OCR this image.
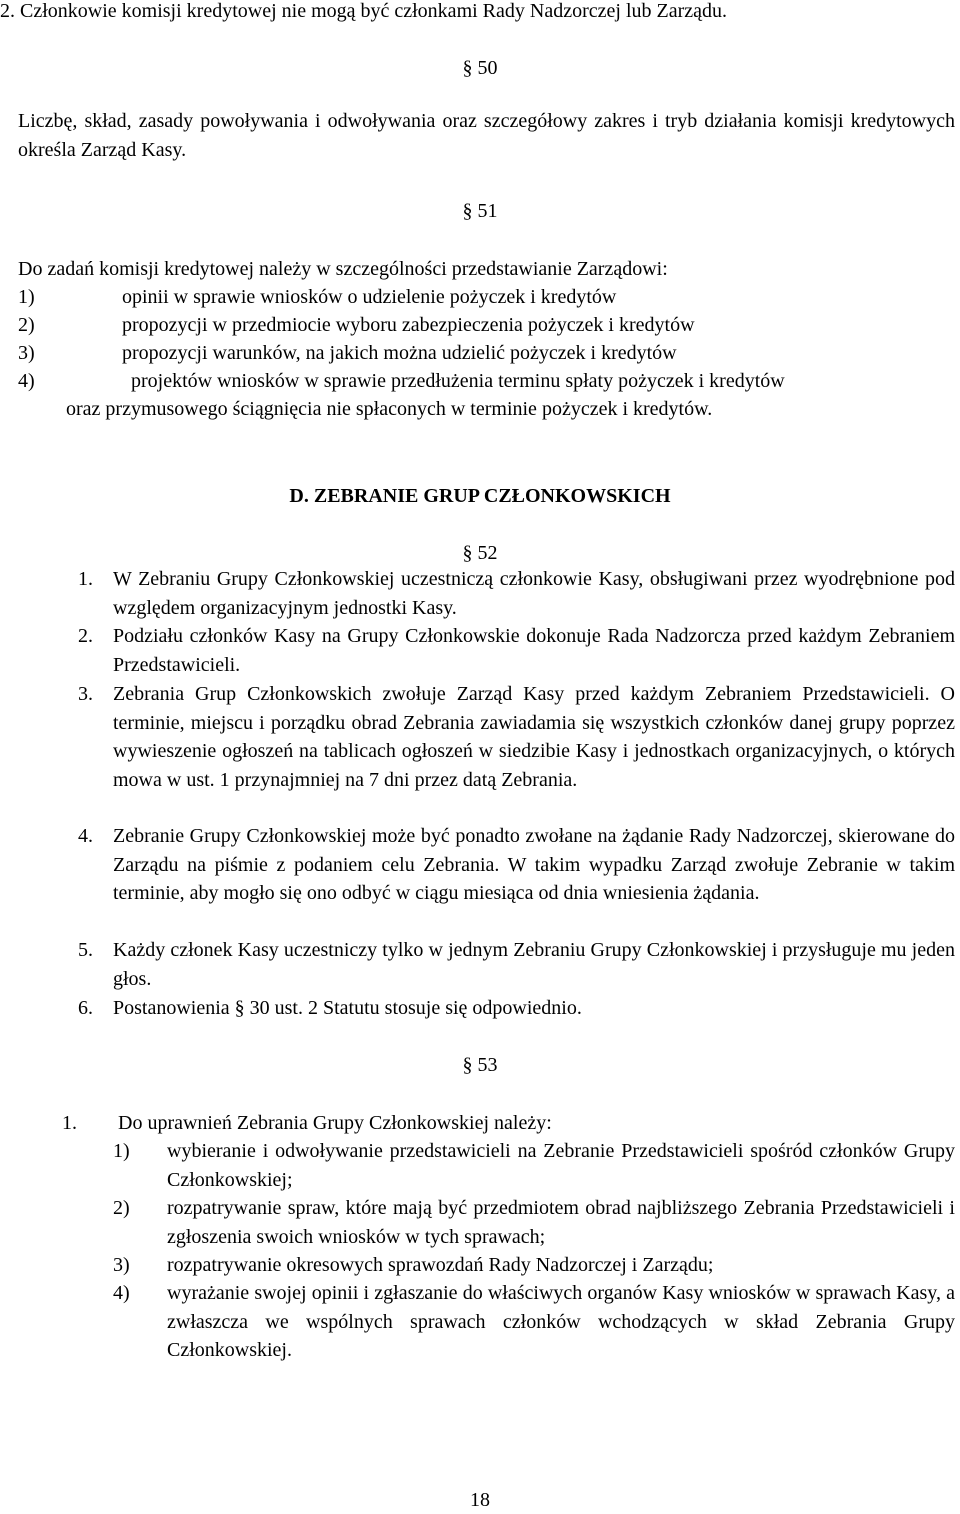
2. Członkowie komisji kredytowej nie mogą być członkami Rady Nadzorczej lub Zarządu.
§ 50
Liczbę, skład, zasady powoływania i odwoływania oraz szczegółowy zakres i tryb działania komisji kredytowych określa Zarząd Kasy.
§ 51
Do zadań komisji kredytowej należy w szczególności przedstawianie Zarządowi:
1)	opinii w sprawie wniosków o udzielenie pożyczek i kredytów
2)	propozycji w przedmiocie wyboru zabezpieczenia pożyczek i kredytów
3)	propozycji warunków, na jakich można udzielić pożyczek i kredytów
4)	projektów wniosków w sprawie przedłużenia terminu spłaty pożyczek i kredytów
oraz przymusowego ściągnięcia nie spłaconych w terminie pożyczek i kredytów.
D. ZEBRANIE GRUP CZŁONKOWSKICH
§ 52
1. W Zebraniu Grupy Członkowskiej uczestniczą członkowie Kasy, obsługiwani przez wyodrębnione pod względem organizacyjnym jednostki Kasy.
2. Podziału członków Kasy na Grupy Członkowskie dokonuje Rada Nadzorcza przed każdym Zebraniem Przedstawicieli.
3. Zebrania Grup Członkowskich zwołuje Zarząd Kasy przed każdym Zebraniem Przedstawicieli. O terminie, miejscu i porządku obrad Zebrania zawiadamia się wszystkich członków danej grupy poprzez wywieszenie ogłoszeń na tablicach ogłoszeń w siedzibie Kasy i jednostkach organizacyjnych, o których mowa w ust. 1 przynajmniej na 7 dni przez datą Zebrania.
4. Zebranie Grupy Członkowskiej może być ponadto zwołane na żądanie Rady Nadzorczej, skierowane do Zarządu na piśmie z podaniem celu Zebrania. W takim wypadku Zarząd zwołuje Zebranie w takim terminie, aby mogło się ono odbyć w ciągu miesiąca od dnia wniesienia żądania.
5. Każdy członek Kasy uczestniczy tylko w jednym Zebraniu Grupy Członkowskiej i przysługuje mu jeden głos.
6. Postanowienia § 30 ust. 2 Statutu stosuje się odpowiednio.
§ 53
1. Do uprawnień Zebrania Grupy Członkowskiej należy:
1) wybieranie i odwoływanie przedstawicieli na Zebranie Przedstawicieli spośród członków Grupy Członkowskiej;
2) rozpatrywanie spraw, które mają być przedmiotem obrad najbliższego Zebrania Przedstawicieli i zgłoszenia swoich wniosków w tych sprawach;
3) rozpatrywanie okresowych sprawozdań Rady Nadzorczej i Zarządu;
4) wyrażanie swojej opinii i zgłaszanie do właściwych organów Kasy wniosków w sprawach Kasy, a zwłaszcza we wspólnych sprawach członków wchodzących w skład Zebrania Grupy Członkowskiej.
18
